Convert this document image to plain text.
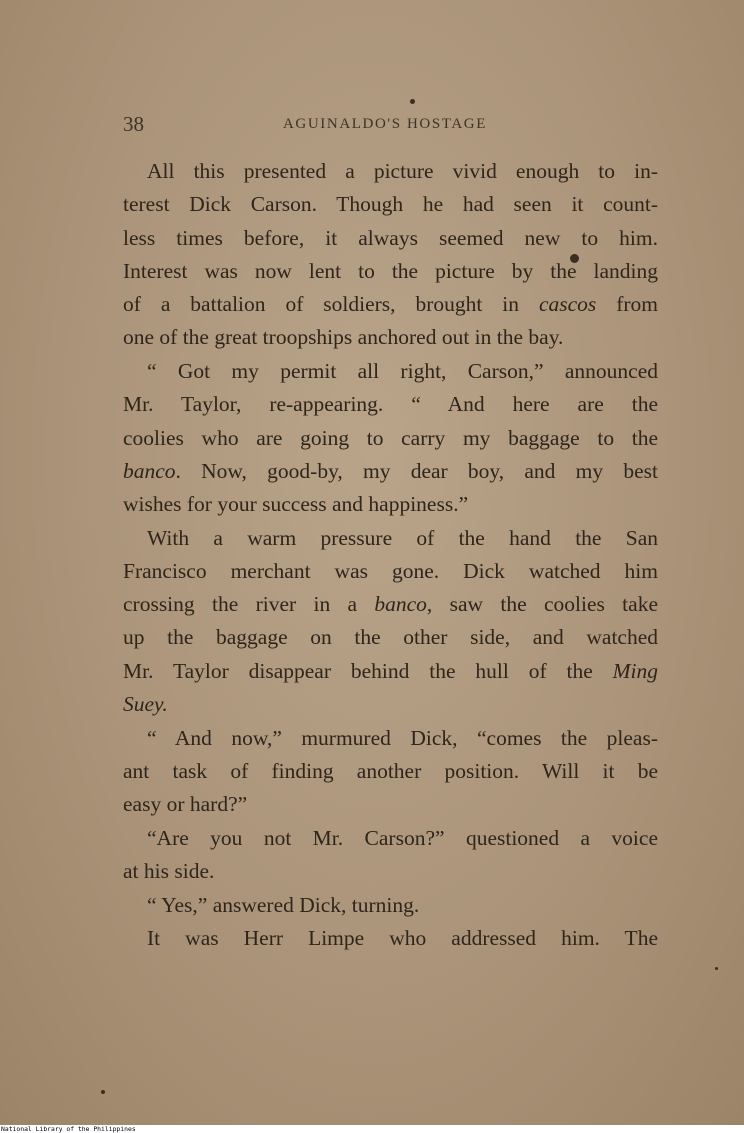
38	AGUINALDO'S HOSTAGE
All this presented a picture vivid enough to in-
terest Dick Carson. Though he had seen it count-
less times before, it always seemed new to him.
Interest was now lent to the picture by the landing
of a battalion of soldiers, brought in cascos from
one of the great troopships anchored out in the bay.
“ Got my permit all right, Carson,” announced
Mr. Taylor, re-appearing. “ And here are the
coolies who are going to carry my baggage to the
banco. Now, good-by, my dear boy, and my best
wishes for your success and happiness.”
With a warm pressure of the hand the San
Francisco merchant was gone. Dick watched him
crossing the river in a banco, saw the coolies take
up the baggage on the other side, and watched
Mr. Taylor disappear behind the hull of the Ming
Suey.
“ And now,” murmured Dick, “comes the pleas-
ant task of finding another position. Will it be
easy or hard?”
“Are you not Mr. Carson?” questioned a voice
at his side.
“ Yes,” answered Dick, turning.
It was Herr Limpe who addressed him. The
National Library of the Philippines
